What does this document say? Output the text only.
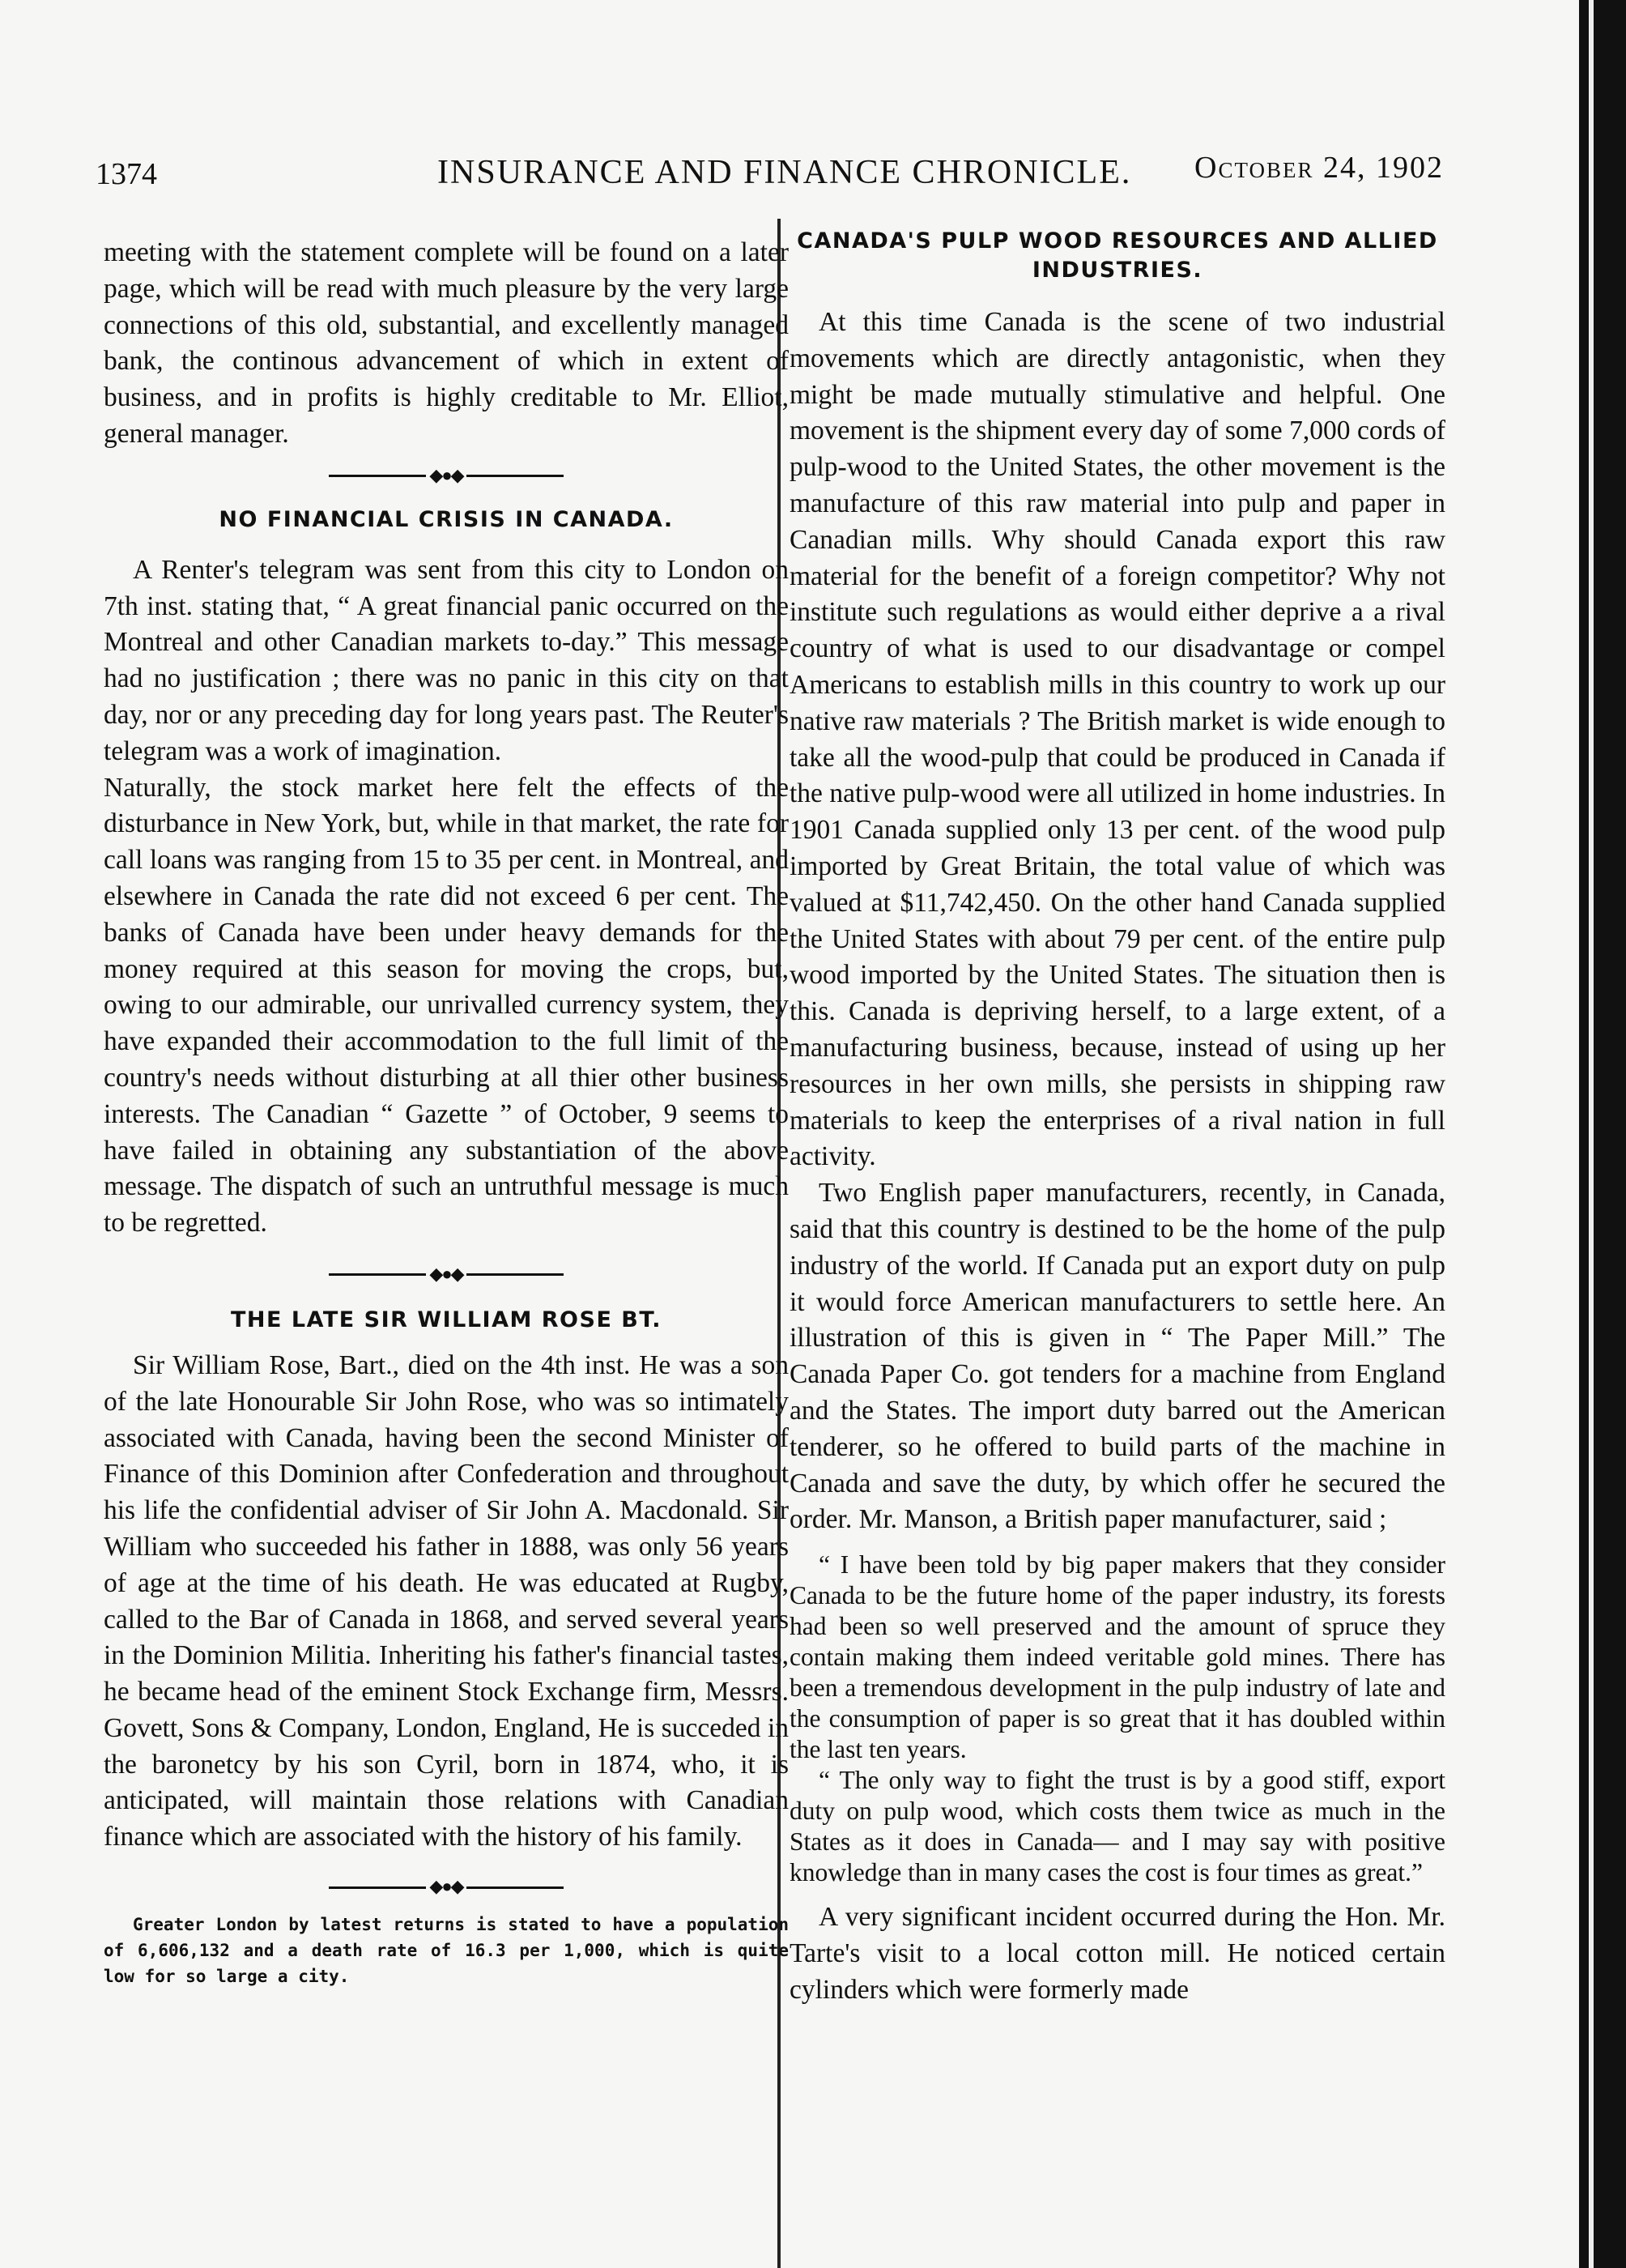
1374	INSURANCE AND FINANCE CHRONICLE. October 24, 1902

meeting with the statement complete will be found on a later page, which will be read with much pleasure by the very large connections of this old, substantial, and excellently managed bank, the continous advancement of which in extent of business, and in profits is highly creditable to Mr. Elliot, general manager.

◆●◆
NO FINANCIAL CRISIS IN CANADA.

A Renter's telegram was sent from this city to London on 7th inst. stating that, “ A great financial panic occurred on the Montreal and other Canadian markets to-day.” This message had no justification ; there was no panic in this city on that day, nor or any preceding day for long years past. The Reuter's telegram was a work of imagination.

Naturally, the stock market here felt the effects of the disturbance in New York, but, while in that market, the rate for call loans was ranging from 15 to 35 per cent. in Montreal, and elsewhere in Canada the rate did not exceed 6 per cent. The banks of Canada have been under heavy demands for the money required at this season for moving the crops, but, owing to our admirable, our unrivalled currency system, they have expanded their accommodation to the full limit of the country's needs without disturbing at all thier other business interests. The Canadian “ Gazette ” of October, 9 seems to have failed in obtaining any substantiation of the above message. The dispatch of such an untruthful message is much to be regretted.

◆●◆
THE LATE SIR WILLIAM ROSE BT.

Sir William Rose, Bart., died on the 4th inst. He was a son of the late Honourable Sir John Rose, who was so intimately associated with Canada, having been the second Minister of Finance of this Dominion after Confederation and throughout his life the confidential adviser of Sir John A. Macdonald. Sir William who succeeded his father in 1888, was only 56 years of age at the time of his death. He was educated at Rugby, called to the Bar of Canada in 1868, and served several years in the Dominion Militia. Inheriting his father's financial tastes, he became head of the eminent Stock Exchange firm, Messrs. Govett, Sons & Company, London, England, He is succeded in the baronetcy by his son Cyril, born in 1874, who, it is anticipated, will maintain those relations with Canadian finance which are associated with the history of his family.

◆●◆

Greater London by latest returns is stated to have a population of 6,606,132 and a death rate of 16.3 per 1,000, which is quite low for so large a city.

CANADA'S PULP WOOD RESOURCES AND ALLIED INDUSTRIES.

At this time Canada is the scene of two industrial movements which are directly antagonistic, when they might be made mutually stimulative and helpful. One movement is the shipment every day of some 7,000 cords of pulp-wood to the United States, the other movement is the manufacture of this raw material into pulp and paper in Canadian mills. Why should Canada export this raw material for the benefit of a foreign competitor? Why not institute such regulations as would either deprive a a rival country of what is used to our disadvantage or compel Americans to establish mills in this country to work up our native raw materials ? The British market is wide enough to take all the wood-pulp that could be produced in Canada if the native pulp-wood were all utilized in home industries. In 1901 Canada supplied only 13 per cent. of the wood pulp imported by Great Britain, the total value of which was valued at $11,742,450. On the other hand Canada supplied the United States with about 79 per cent. of the entire pulp wood imported by the United States. The situation then is this. Canada is depriving herself, to a large extent, of a manufacturing business, because, instead of using up her resources in her own mills, she persists in shipping raw materials to keep the enterprises of a rival nation in full activity.

Two English paper manufacturers, recently, in Canada, said that this country is destined to be the home of the pulp industry of the world. If Canada put an export duty on pulp it would force American manufacturers to settle here. An illustration of this is given in “ The Paper Mill.” The Canada Paper Co. got tenders for a machine from England and the States. The import duty barred out the American tenderer, so he offered to build parts of the machine in Canada and save the duty, by which offer he secured the order. Mr. Manson, a British paper manufacturer, said ;

“ I have been told by big paper makers that they consider Canada to be the future home of the paper industry, its forests had been so well preserved and the amount of spruce they contain making them indeed veritable gold mines. There has been a tremendous development in the pulp industry of late and the consumption of paper is so great that it has doubled within the last ten years.

“ The only way to fight the trust is by a good stiff, export duty on pulp wood, which costs them twice as much in the States as it does in Canada— and I may say with positive knowledge than in many cases the cost is four times as great.”

A very significant incident occurred during the Hon. Mr. Tarte's visit to a local cotton mill. He noticed certain cylinders which were formerly made
